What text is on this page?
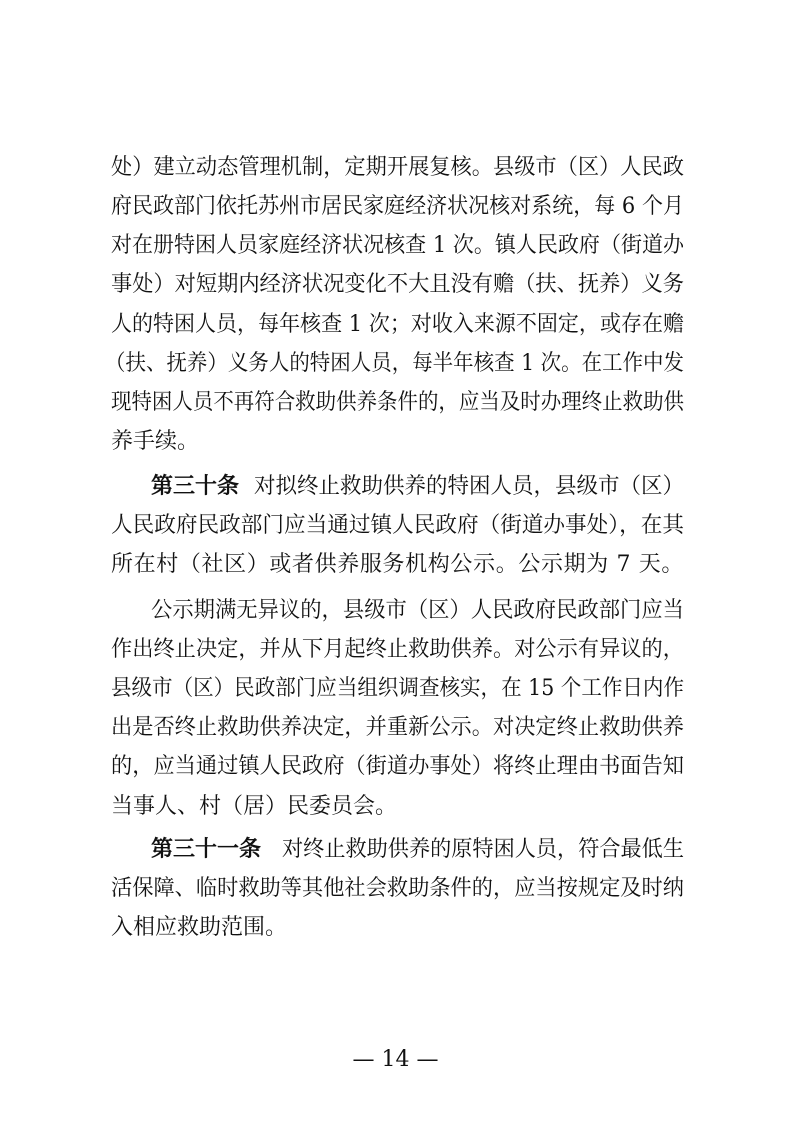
处）建立动态管理机制，定期开展复核。县级市（区）人民政
府民政部门依托苏州市居民家庭经济状况核对系统，每 6 个月
对在册特困人员家庭经济状况核查 1 次。镇人民政府（街道办
事处）对短期内经济状况变化不大且没有赡（扶、抚养）义务
人的特困人员，每年核查 1 次；对收入来源不固定，或存在赡
（扶、抚养）义务人的特困人员，每半年核查 1 次。在工作中发
现特困人员不再符合救助供养条件的，应当及时办理终止救助供
养手续。
第三十条 对拟终止救助供养的特困人员，县级市（区）
人民政府民政部门应当通过镇人民政府（街道办事处），在其
所在村（社区）或者供养服务机构公示。公示期为 7 天。
公示期满无异议的，县级市（区）人民政府民政部门应当
作出终止决定，并从下月起终止救助供养。对公示有异议的，
县级市（区）民政部门应当组织调查核实，在 15 个工作日内作
出是否终止救助供养决定，并重新公示。对决定终止救助供养
的，应当通过镇人民政府（街道办事处）将终止理由书面告知
当事人、村（居）民委员会。
第三十一条 对终止救助供养的原特困人员，符合最低生
活保障、临时救助等其他社会救助条件的，应当按规定及时纳
入相应救助范围。
— 14 —
